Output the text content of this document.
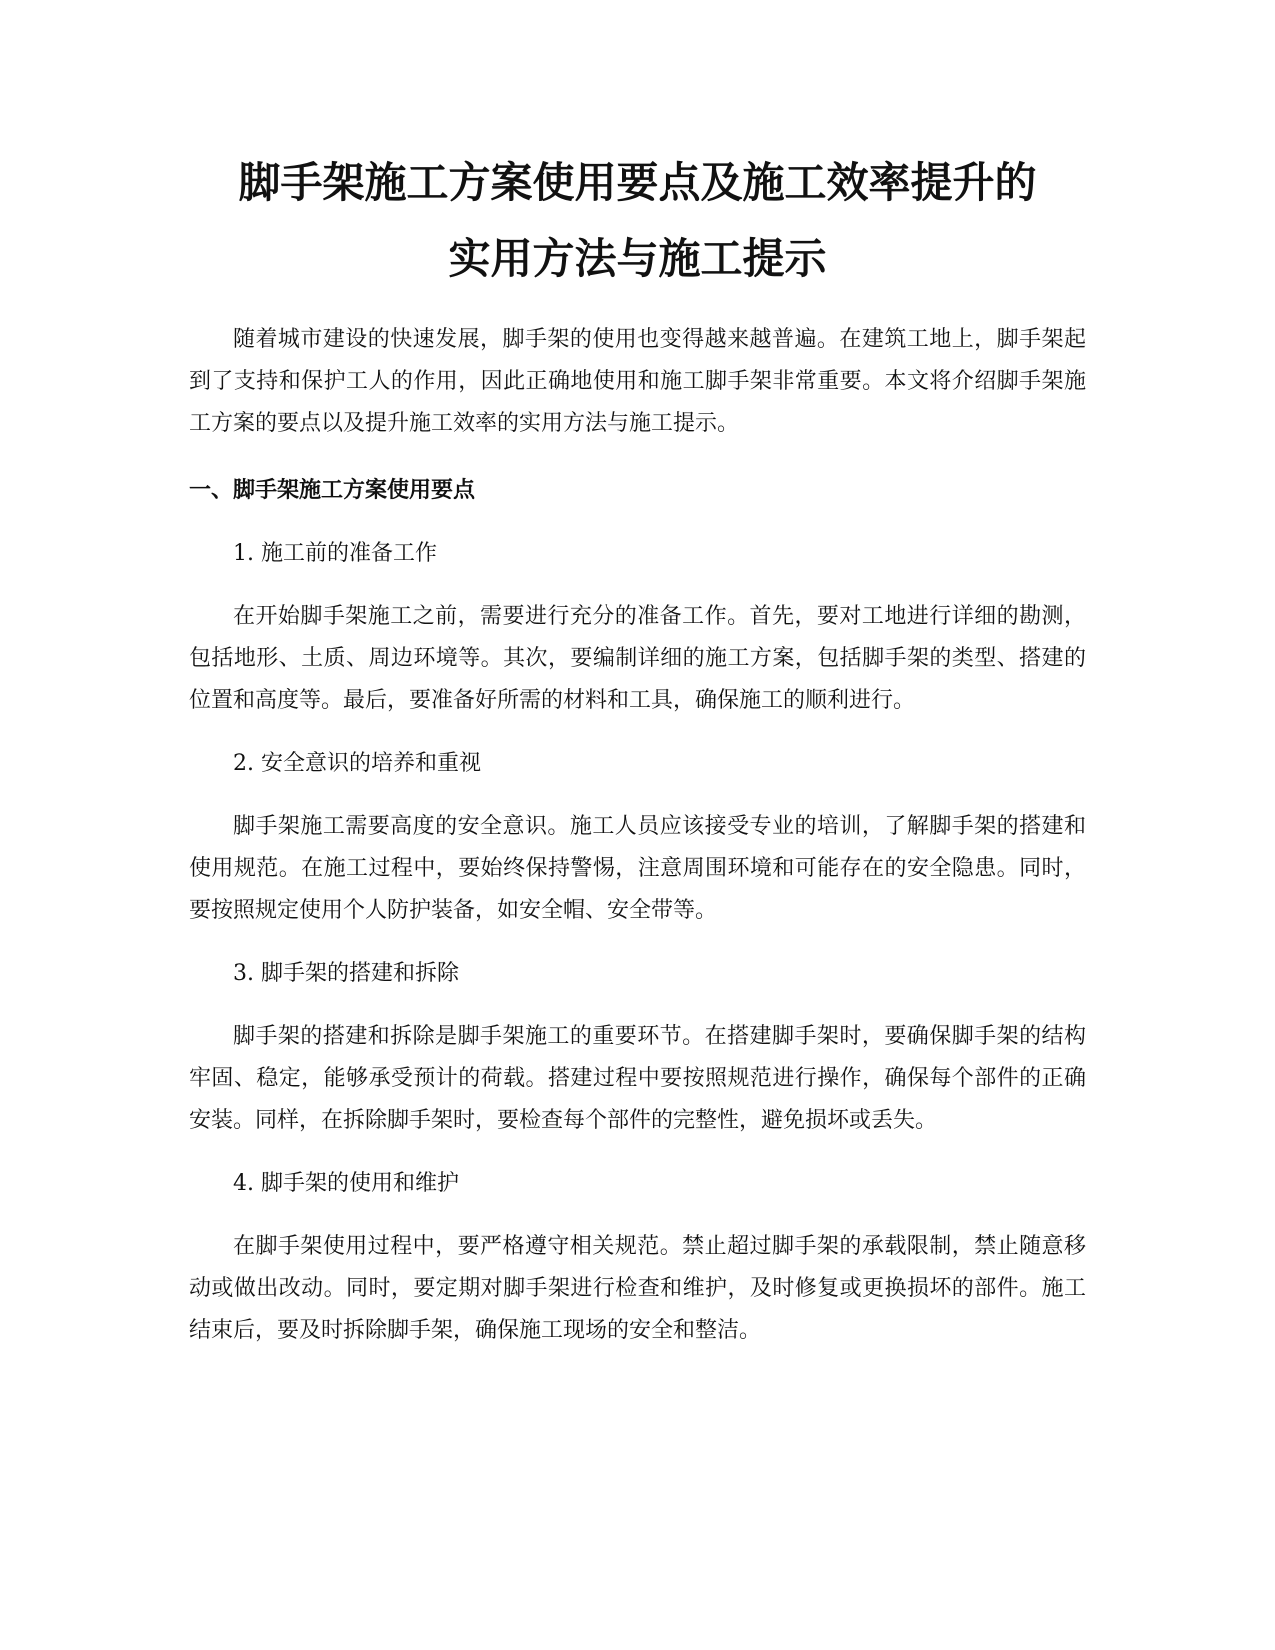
脚手架施工方案使用要点及施工效率提升的
实用方法与施工提示

随着城市建设的快速发展，脚手架的使用也变得越来越普遍。在建筑工地上，脚手架起到了支持和保护工人的作用，因此正确地使用和施工脚手架非常重要。本文将介绍脚手架施工方案的要点以及提升施工效率的实用方法与施工提示。

一、脚手架施工方案使用要点

1. 施工前的准备工作

在开始脚手架施工之前，需要进行充分的准备工作。首先，要对工地进行详细的勘测，包括地形、土质、周边环境等。其次，要编制详细的施工方案，包括脚手架的类型、搭建的位置和高度等。最后，要准备好所需的材料和工具，确保施工的顺利进行。

2. 安全意识的培养和重视

脚手架施工需要高度的安全意识。施工人员应该接受专业的培训，了解脚手架的搭建和使用规范。在施工过程中，要始终保持警惕，注意周围环境和可能存在的安全隐患。同时，要按照规定使用个人防护装备，如安全帽、安全带等。

3. 脚手架的搭建和拆除

脚手架的搭建和拆除是脚手架施工的重要环节。在搭建脚手架时，要确保脚手架的结构牢固、稳定，能够承受预计的荷载。搭建过程中要按照规范进行操作，确保每个部件的正确安装。同样，在拆除脚手架时，要检查每个部件的完整性，避免损坏或丢失。

4. 脚手架的使用和维护

在脚手架使用过程中，要严格遵守相关规范。禁止超过脚手架的承载限制，禁止随意移动或做出改动。同时，要定期对脚手架进行检查和维护，及时修复或更换损坏的部件。施工结束后，要及时拆除脚手架，确保施工现场的安全和整洁。
